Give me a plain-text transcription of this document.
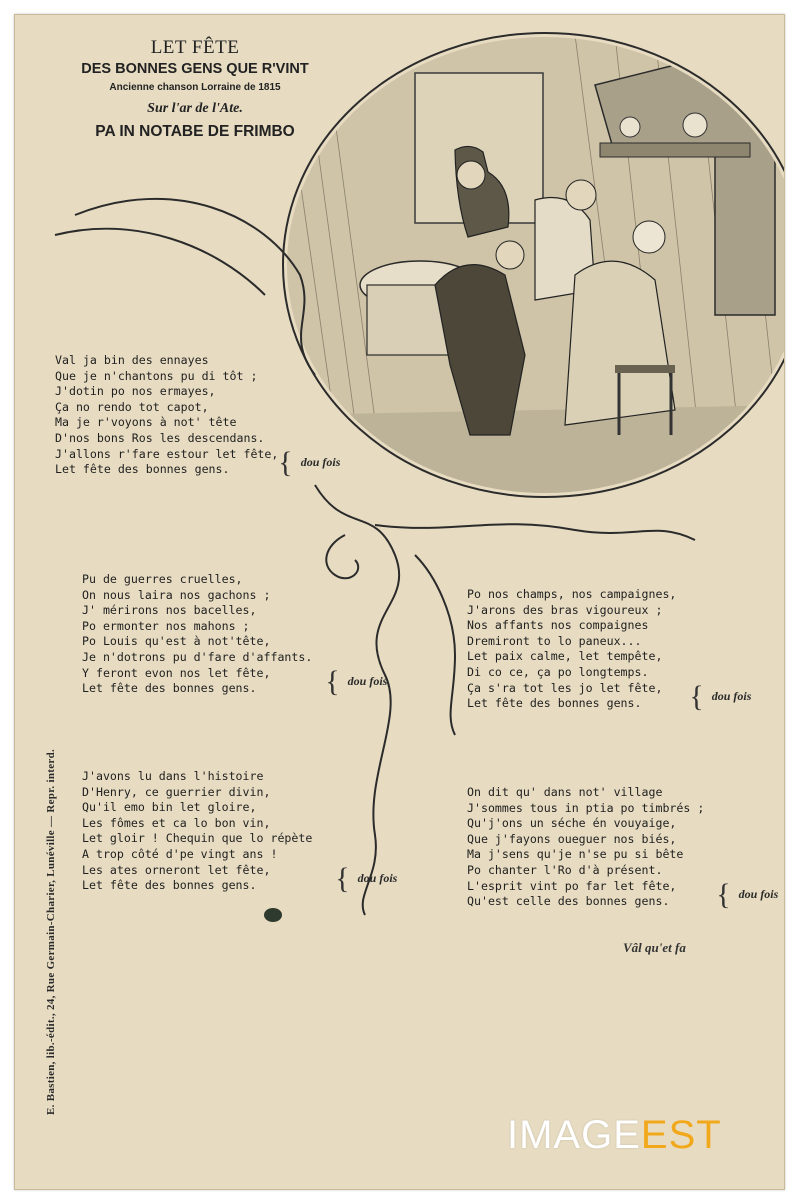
LET FÊTE
DES BONNES GENS QUE R'VINT
Ancienne chanson Lorraine de 1815
Sur l'ar de l'Ate.
PA IN NOTABE DE FRIMBO
Val ja bin des ennayes
Que je n'chantons pu di tôt ;
J'dotin po nos ermayes,
Ça no rendo tot capot,
Ma je r'voyons à not' tête
D'nos bons Ros les descendans.
J'allons r'fare estour let fête,
Let fête des bonnes gens.	{ dou fois
Pu de guerres cruelles,
On nous laira nos gachons ;
J' mérirons nos bacelles,
Po ermonter nos mahons ;
Po Louis qu'est à not'tête,
Je n'dotrons pu d'fare d'affants.
Y feront evon nos let fête,
Let fête des bonnes gens.	{ dou fois
Po nos champs, nos campaignes,
J'arons des bras vigoureux ;
Nos affants nos compaignes
Dremiront to lo paneux...
Let paix calme, let tempête,
Di co ce, ça po longtemps.
Ça s'ra tot les jo let fête,
Let fête des bonnes gens.	{ dou fois
J'avons lu dans l'histoire
D'Henry, ce guerrier divin,
Qu'il emo bin let gloire,
Les fômes et ca lo bon vin,
Let gloir ! Chequin que lo répète
A trop côté d'pe vingt ans !
Les ates orneront let fête,
Let fête des bonnes gens.	{ dou fois
On dit qu' dans not' village
J'sommes tous in ptia po timbrés ;
Qu'j'ons un séche én vouyaige,
Que j'fayons oueguer nos biés,
Ma j'sens qu'je n'se pu si bête
Po chanter l'Ro d'à présent.
L'esprit vint po far let fête,
Qu'est celle des bonnes gens.	{ dou fois
Vâl qu'et fa
E. Bastien, lib.-édit., 24, Rue Germain-Charier, Lunéville — Repr. interd.
IMAGEEST
